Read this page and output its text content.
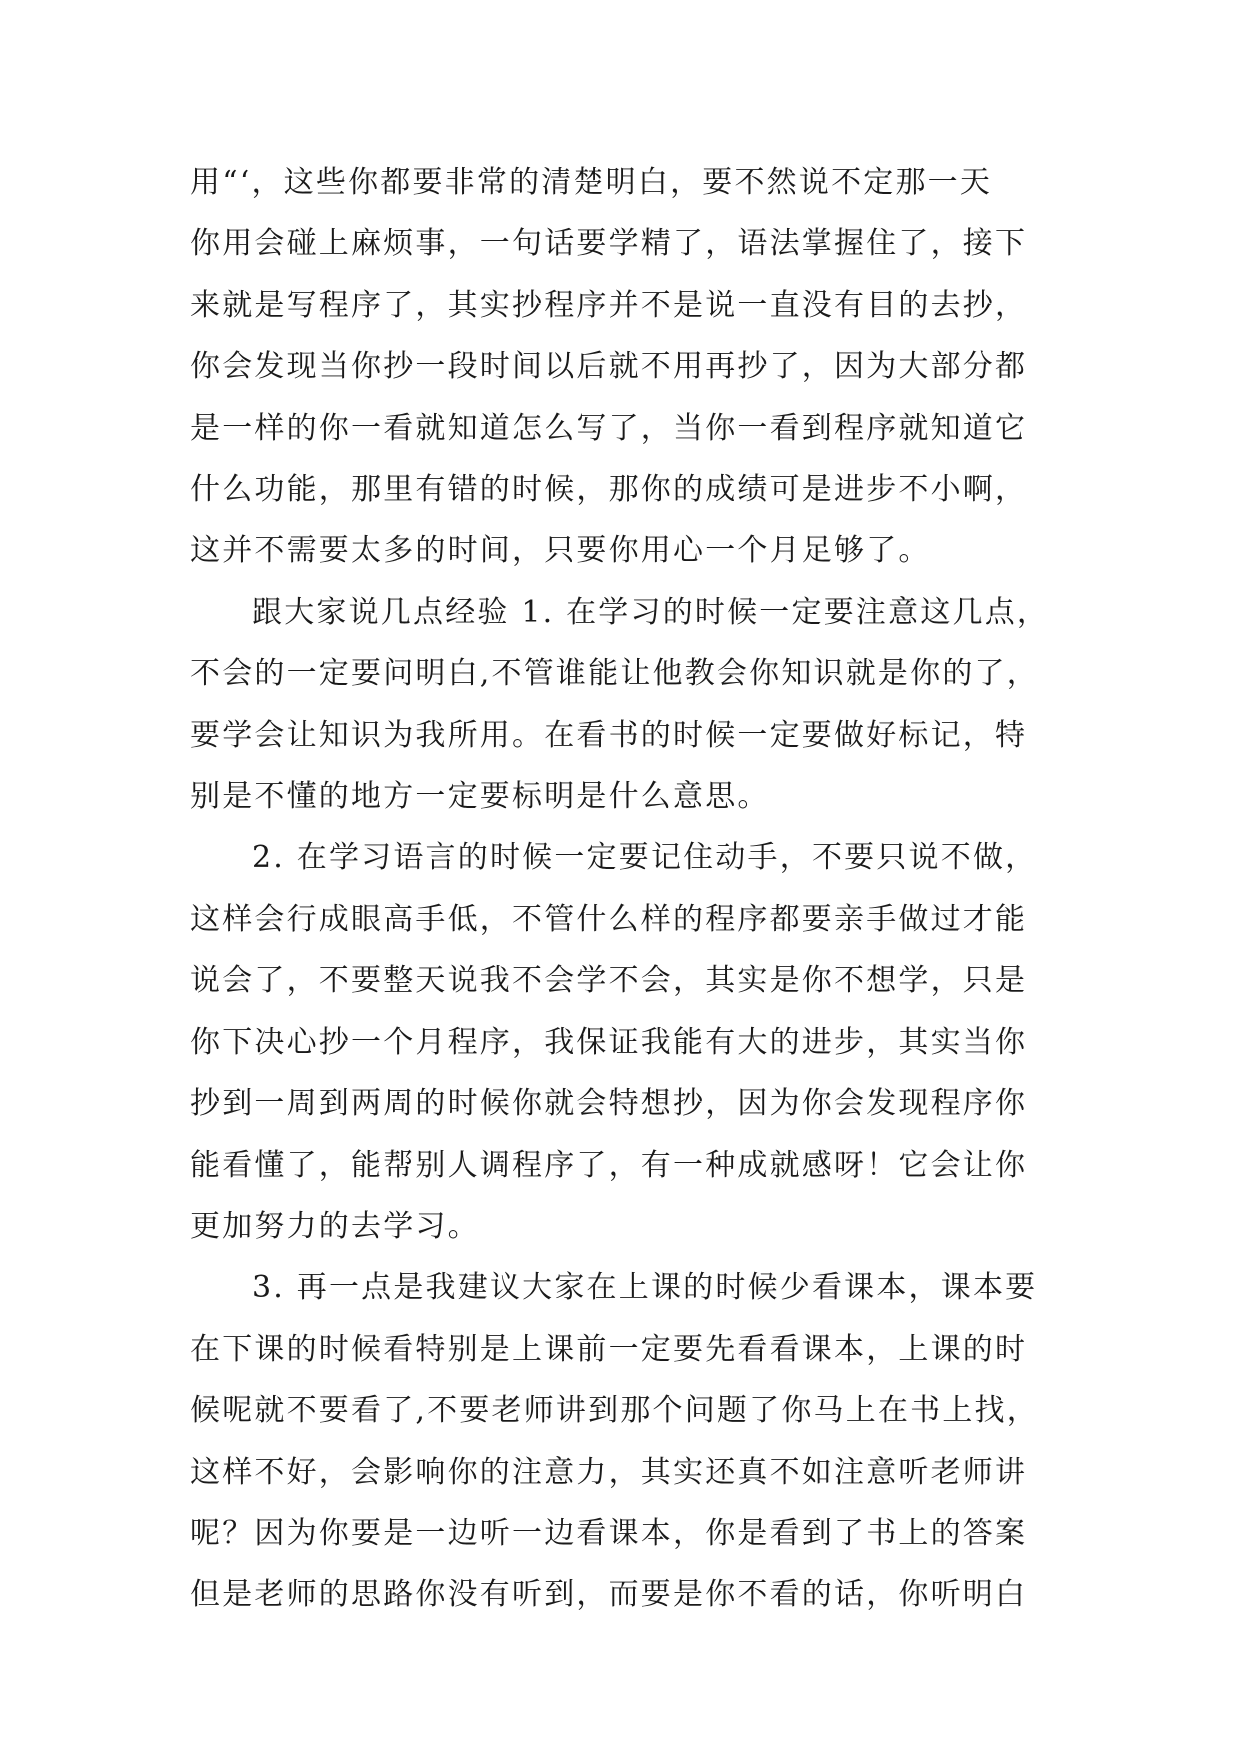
用“‘，这些你都要非常的清楚明白，要不然说不定那一天
你用会碰上麻烦事，一句话要学精了，语法掌握住了，接下
来就是写程序了，其实抄程序并不是说一直没有目的去抄，
你会发现当你抄一段时间以后就不用再抄了，因为大部分都
是一样的你一看就知道怎么写了，当你一看到程序就知道它
什么功能，那里有错的时候，那你的成绩可是进步不小啊，
这并不需要太多的时间，只要你用心一个月足够了。

跟大家说几点经验 1. 在学习的时候一定要注意这几点，
不会的一定要问明白,不管谁能让他教会你知识就是你的了，
要学会让知识为我所用。在看书的时候一定要做好标记，特
别是不懂的地方一定要标明是什么意思。

2. 在学习语言的时候一定要记住动手，不要只说不做，
这样会行成眼高手低，不管什么样的程序都要亲手做过才能
说会了，不要整天说我不会学不会，其实是你不想学，只是
你下决心抄一个月程序，我保证我能有大的进步，其实当你
抄到一周到两周的时候你就会特想抄，因为你会发现程序你
能看懂了，能帮别人调程序了，有一种成就感呀！它会让你
更加努力的去学习。

3. 再一点是我建议大家在上课的时候少看课本，课本要
在下课的时候看特别是上课前一定要先看看课本，上课的时
候呢就不要看了,不要老师讲到那个问题了你马上在书上找，
这样不好，会影响你的注意力，其实还真不如注意听老师讲
呢？因为你要是一边听一边看课本，你是看到了书上的答案
但是老师的思路你没有听到，而要是你不看的话，你听明白
